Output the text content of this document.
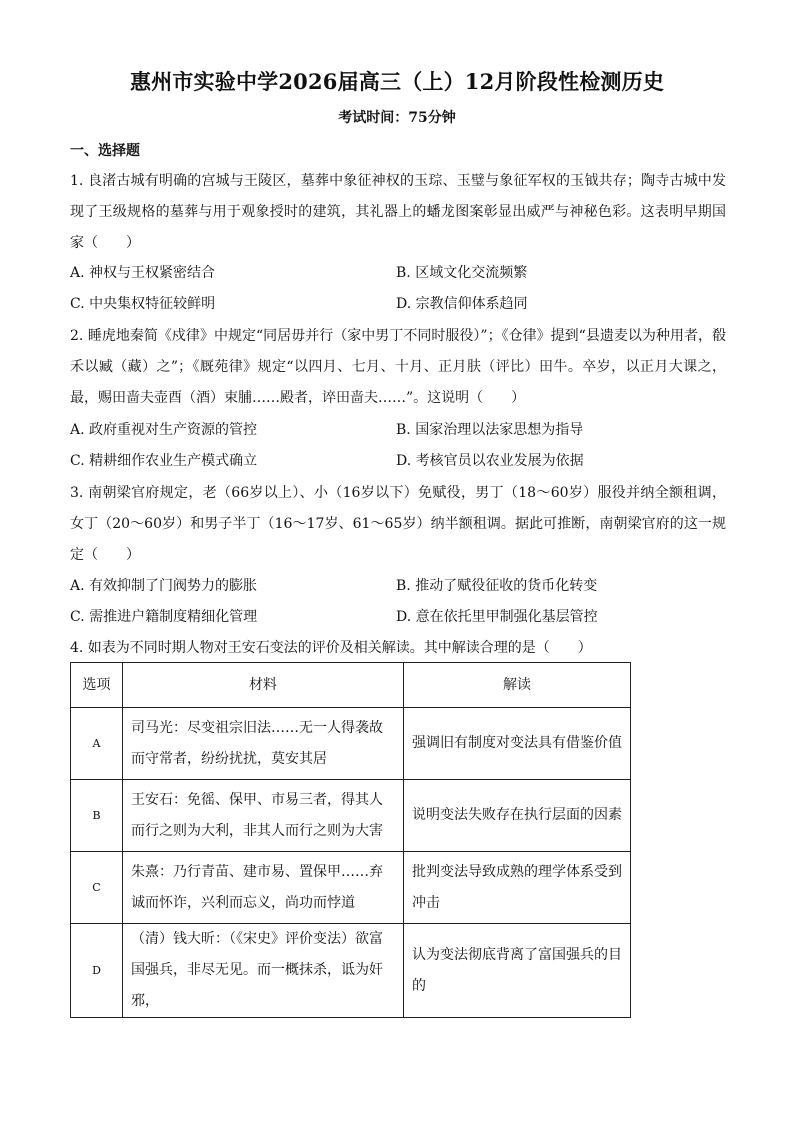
惠州市实验中学2026届高三（上）12月阶段性检测历史
考试时间：75分钟
一、选择题
1. 良渚古城有明确的宫城与王陵区，墓葬中象征神权的玉琮、玉璧与象征军权的玉钺共存；陶寺古城中发现了王级规格的墓葬与用于观象授时的建筑，其礼器上的蟠龙图案彰显出威严与神秘色彩。这表明早期国家（　　）
A. 神权与王权紧密结合	B. 区域文化交流频繁
C. 中央集权特征较鲜明	D. 宗教信仰体系趋同
2. 睡虎地秦简《戍律》中规定“同居毋并行（家中男丁不同时服役）”；《仓律》提到“县遗麦以为种用者，殽禾以臧（藏）之”；《厩苑律》规定“以四月、七月、十月、正月肤（评比）田牛。卒岁，以正月大课之，最，赐田啬夫壶酉（酒）束脯……殿者，谇田啬夫……”。这说明（　　）
A. 政府重视对生产资源的管控	B. 国家治理以法家思想为指导
C. 精耕细作农业生产模式确立	D. 考核官员以农业发展为依据
3. 南朝梁官府规定，老（66岁以上）、小（16岁以下）免赋役，男丁（18～60岁）服役并纳全额租调，女丁（20～60岁）和男子半丁（16～17岁、61～65岁）纳半额租调。据此可推断，南朝梁官府的这一规定（　　）
A. 有效抑制了门阀势力的膨胀	B. 推动了赋役征收的货币化转变
C. 需推进户籍制度精细化管理	D. 意在依托里甲制强化基层管控
4. 如表为不同时期人物对王安石变法的评价及相关解读。其中解读合理的是（　　）
选项	材料	解读
A	司马光：尽变祖宗旧法……无一人得袭故而守常者，纷纷扰扰，莫安其居	强调旧有制度对变法具有借鉴价值
B	王安石：免徭、保甲、市易三者，得其人而行之则为大利，非其人而行之则为大害	说明变法失败存在执行层面的因素
C	朱熹：乃行青苗、建市易、置保甲……弃诚而怀诈，兴利而忘义，尚功而悖道	批判变法导致成熟的理学体系受到冲击
D	（清）钱大昕：（《宋史》评价变法）欲富国强兵，非尽无见。而一概抹杀，诋为奸邪，	认为变法彻底背离了富国强兵的目的
